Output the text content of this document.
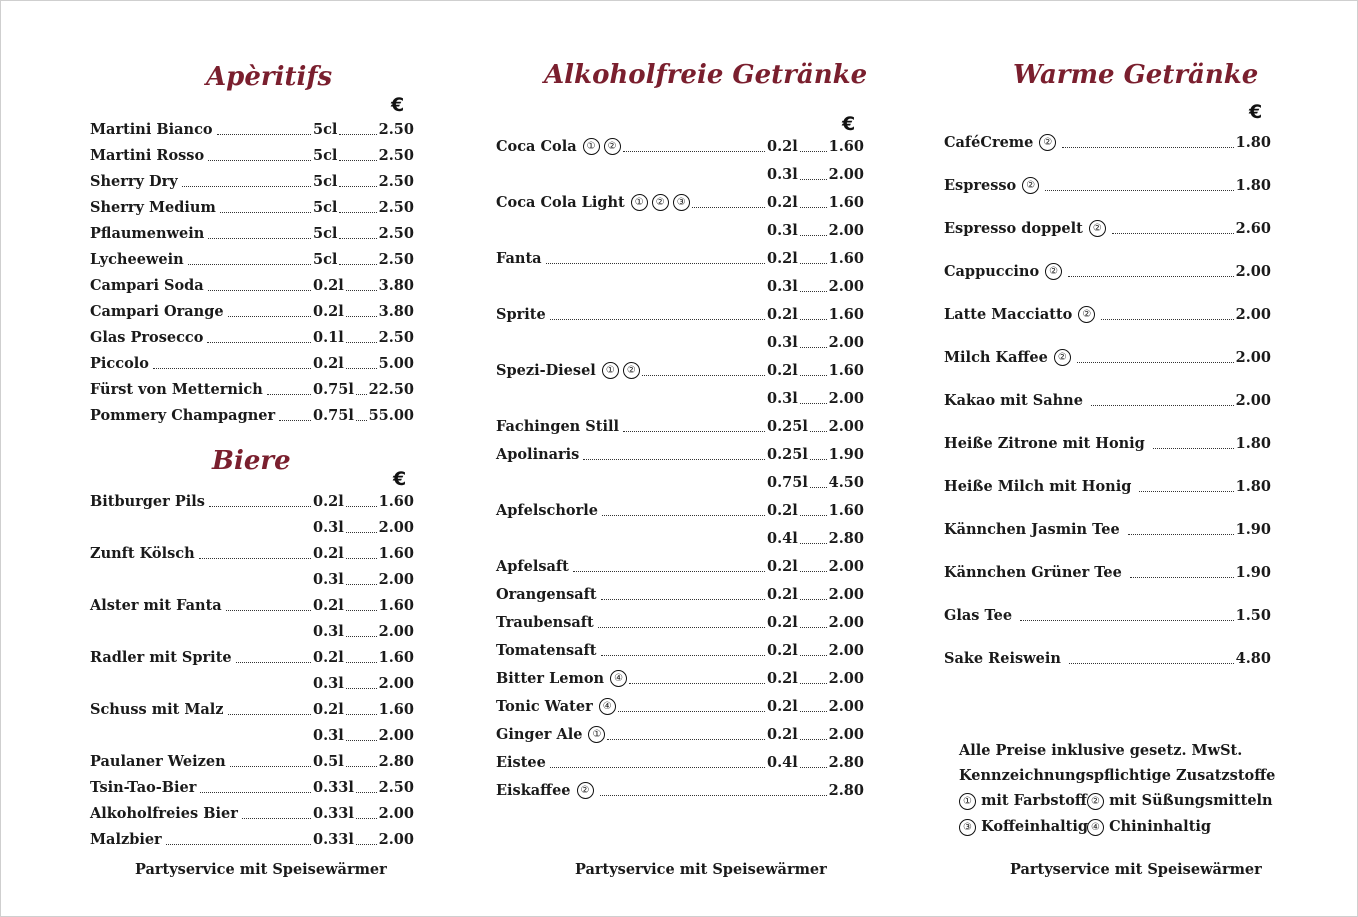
Apèritifs
€
Martini Bianco	5cl	2.50
Martini Rosso	5cl	2.50
Sherry Dry	5cl	2.50
Sherry Medium	5cl	2.50
Pflaumenwein	5cl	2.50
Lycheewein	5cl	2.50
Campari Soda	0.2l 3.80
Campari Orange	0.2l 3.80
Glas Prosecco	0.1l 2.50
Piccolo	0.2l 5.00
Fürst von Metternich	0.75l 22.50
Pommery Champagner	0.75l 55.00
Biere
€
Bitburger Pils	0.2l 1.60
0.3l 2.00
Zunft Kölsch	0.2l 1.60
0.3l 2.00
Alster mit Fanta	0.2l 1.60
0.3l 2.00
Radler mit Sprite	0.2l 1.60
0.3l 2.00
Schuss mit Malz	0.2l 1.60
0.3l 2.00
Paulaner Weizen	0.5l 2.80
Tsin-Tao-Bier	0.33l 2.50
Alkoholfreies Bier	0.33l 2.00
Malzbier	0.33l 2.00
Partyservice mit Speisewärmer
Alkoholfreie Getränke
€
Coca Cola	①	②	0.2l 1.60
0.3l 2.00
Coca Cola Light	①	②	③	0.2l 1.60
0.3l 2.00
Fanta	0.2l 1.60
0.3l 2.00
Sprite	0.2l 1.60
0.3l 2.00
Spezi-Diesel	①	②	0.2l 1.60
0.3l 2.00
Fachingen Still	0.25l 2.00
Apolinaris	0.25l 1.90
0.75l 4.50
Apfelschorle	0.2l 1.60
0.4l 2.80
Apfelsaft	0.2l 2.00
Orangensaft	0.2l 2.00
Traubensaft	0.2l 2.00
Tomatensaft	0.2l 2.00
Bitter Lemon	④	0.2l 2.00
Tonic Water	④	0.2l 2.00
Ginger Ale	①	0.2l 2.00
Eistee	0.4l 2.80
Eiskaffee	②	2.80
Partyservice mit Speisewärmer
Warme Getränke
€
CaféCreme	②	1.80
Espresso	②	1.80
Espresso doppelt	②	2.60
Cappuccino	②	2.00
Latte Macciatto	②	2.00
Milch Kaffee	②	2.00
Kakao mit Sahne	2.00
Heiße Zitrone mit Honig	1.80
Heiße Milch mit Honig	1.80
Kännchen Jasmin Tee	1.90
Kännchen Grüner Tee	1.90
Glas Tee	1.50
Sake Reiswein	4.80
Alle Preise inklusive gesetz. MwSt.
Kennzeichnungspflichtige Zusatzstoffe
① mit Farbstoff ② mit Süßungsmitteln
③ Koffeinhaltig ④ Chininhaltig
Partyservice mit Speisewärmer
